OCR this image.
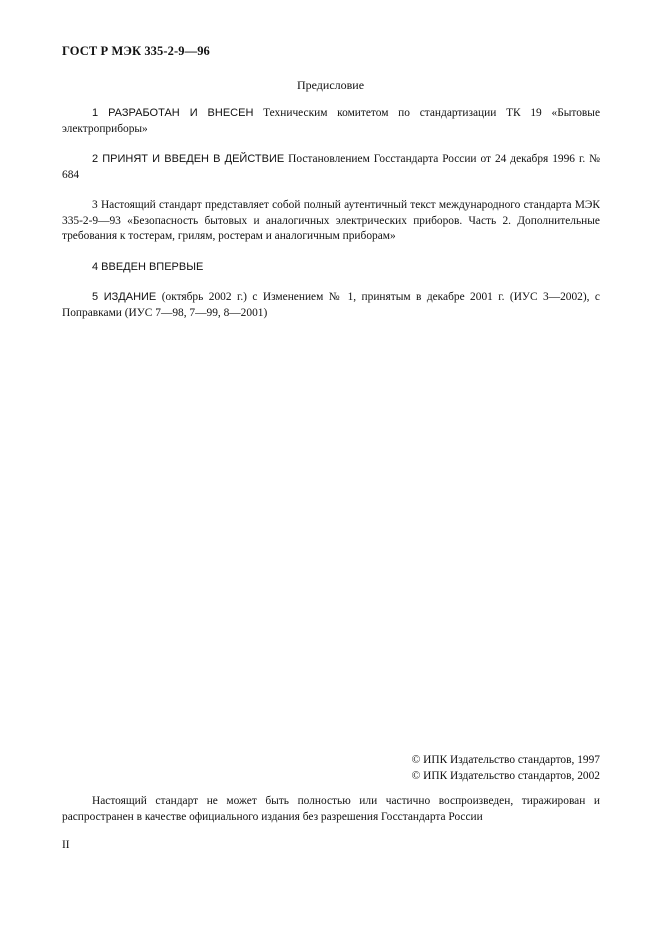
ГОСТ Р МЭК 335-2-9—96
Предисловие

1 РАЗРАБОТАН И ВНЕСЕН Техническим комитетом по стандартизации ТК 19 «Бытовые электроприборы»

2 ПРИНЯТ И ВВЕДЕН В ДЕЙСТВИЕ Постановлением Госстандарта России от 24 декабря 1996 г. № 684

3 Настоящий стандарт представляет собой полный аутентичный текст международного стандарта МЭК 335-2-9—93 «Безопасность бытовых и аналогичных электрических приборов. Часть 2. Дополнительные требования к тостерам, грилям, ростерам и аналогичным приборам»

4 ВВЕДЕН ВПЕРВЫЕ

5 ИЗДАНИЕ (октябрь 2002 г.) с Изменением № 1, принятым в декабре 2001 г. (ИУС 3—2002), с Поправками (ИУС 7—98, 7—99, 8—2001)

© ИПК Издательство стандартов, 1997
© ИПК Издательство стандартов, 2002

Настоящий стандарт не может быть полностью или частично воспроизведен, тиражирован и распространен в качестве официального издания без разрешения Госстандарта России

II
